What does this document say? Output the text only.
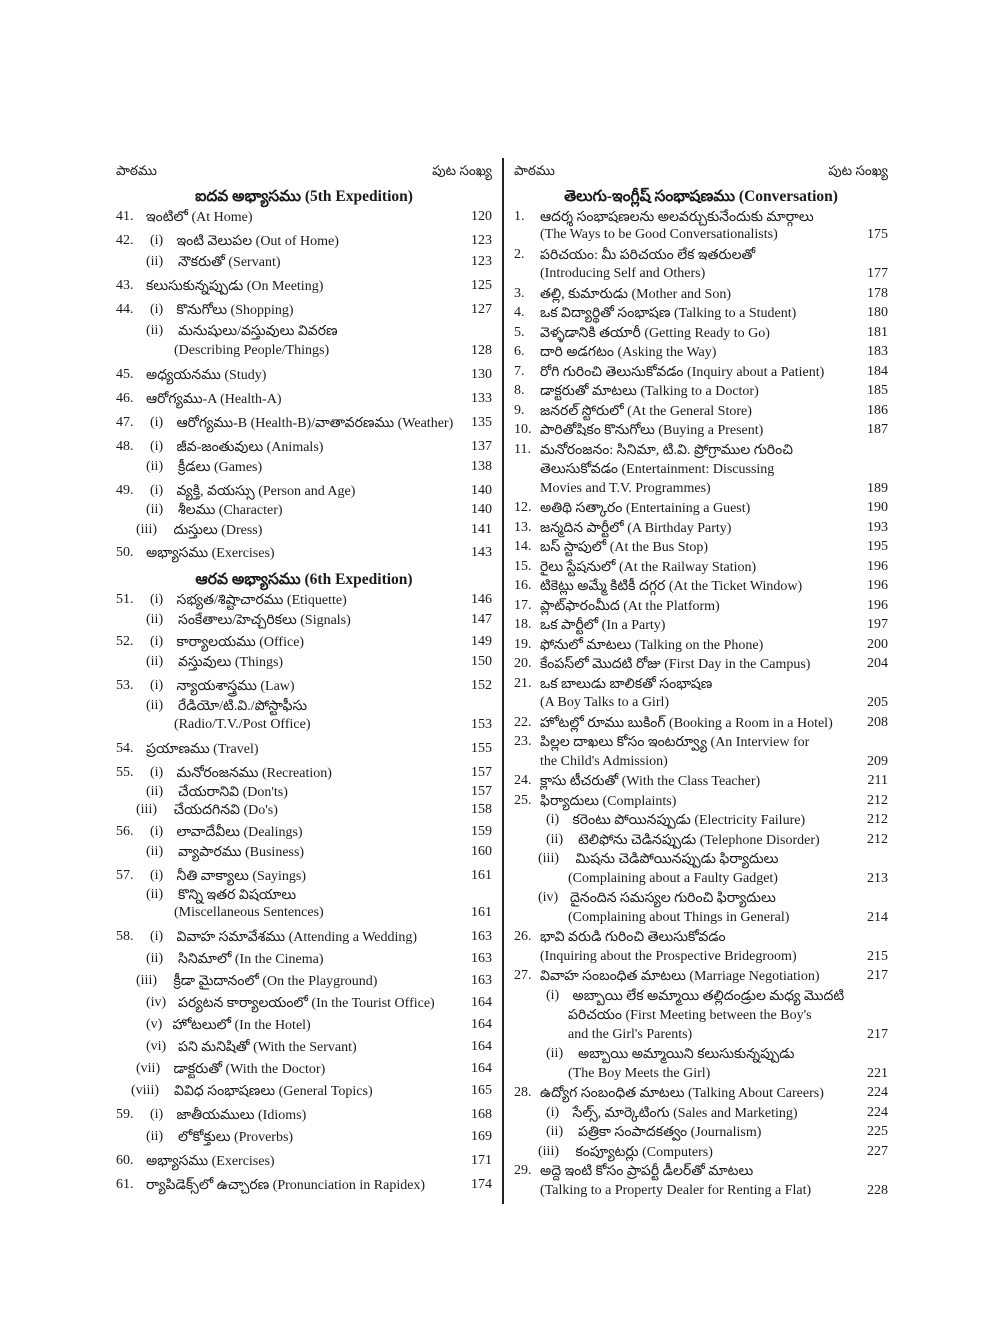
పాఠము	పుట సంఖ్య
ఐదవ అభ్యాసము (5th Expedition)
41. ఇంటిలో (At Home)	120
42. (i) ఇంటి వెలుపల (Out of Home)	123
(ii) నౌకరుతో (Servant)	123
43. కలుసుకున్నప్పుడు (On Meeting)	125
44. (i) కొనుగోలు (Shopping)	127
(ii) మనుషులు/వస్తువులు వివరణ
(Describing People/Things)	128
45. అధ్యయనము (Study)	130
46. ఆరోగ్యము-A (Health-A)	133
47. (i) ఆరోగ్యము-B (Health-B)/వాతావరణము (Weather) 135
48. (i) జీవ-జంతువులు (Animals)	137
(ii) క్రీడలు (Games)	138
49. (i) వ్యక్తి, వయస్సు (Person and Age)	140
(ii) శీలము (Character)	140
(iii) దుస్తులు (Dress)	141
50. అభ్యాసము (Exercises)	143
ఆరవ అభ్యాసము (6th Expedition)
51. (i) సభ్యత/శిష్టాచారము (Etiquette)	146
(ii) సంకేతాలు/హెచ్చరికలు (Signals)	147
52. (i) కార్యాలయము (Office)	149
(ii) వస్తువులు (Things)	150
53. (i) న్యాయశాస్త్రము (Law)	152
(ii) రేడియో/టి.వి./పోస్టాఫీసు
(Radio/T.V./Post Office)	153
54. ప్రయాణము (Travel)	155
55. (i) మనోరంజనము (Recreation)	157
(ii) చేయరానివి (Don'ts)	157
(iii) చేయదగినవి (Do's)	158
56. (i) లావాదేవీలు (Dealings)	159
(ii) వ్యాపారము (Business)	160
57. (i) నీతి వాక్యాలు (Sayings)	161
(ii) కొన్ని ఇతర విషయాలు
(Miscellaneous Sentences)	161
58. (i) వివాహ సమావేశము (Attending a Wedding)	163
(ii) సినిమాలో (In the Cinema)	163
(iii) క్రీడా మైదానంలో (On the Playground)	163
(iv) పర్యటన కార్యాలయంలో (In the Tourist Office)	164
(v) హోటలులో (In the Hotel)	164
(vi) పని మనిషితో (With the Servant)	164
(vii) డాక్టరుతో (With the Doctor)	164
(viii) వివిధ సంభాషణలు (General Topics)	165
59. (i) జాతీయములు (Idioms)	168
(ii) లోకోక్తులు (Proverbs)	169
60. అభ్యాసము (Exercises)	171
61. ర్యాపిడెక్స్‌లో ఉచ్చారణ (Pronunciation in Rapidex)	174
పాఠము	పుట సంఖ్య
తెలుగు-ఇంగ్లీష్ సంభాషణము (Conversation)
1. ఆదర్శ సంభాషణలను అలవర్చుకునేందుకు మార్గాలు
(The Ways to be Good Conversationalists)	175
2. పరిచయం: మీ పరిచయం లేక ఇతరులతో
(Introducing Self and Others)	177
3. తల్లి, కుమారుడు (Mother and Son)	178
4. ఒక విద్యార్థితో సంభాషణ (Talking to a Student)	180
5. వెళ్ళడానికి తయారీ (Getting Ready to Go)	181
6. దారి అడగటం (Asking the Way)	183
7. రోగి గురించి తెలుసుకోవడం (Inquiry about a Patient)	184
8. డాక్టరుతో మాటలు (Talking to a Doctor)	185
9. జనరల్ స్టోరులో (At the General Store)	186
10. పారితోషికం కొనుగోలు (Buying a Present)	187
11. మనోరంజనం: సినిమా, టి.వి. ప్రోగ్రాముల గురించి
తెలుసుకోవడం (Entertainment: Discussing
Movies and T.V. Programmes)	189
12. అతిథి సత్కారం (Entertaining a Guest)	190
13. జన్మదిన పార్టీలో (A Birthday Party)	193
14. బస్ స్టాపులో (At the Bus Stop)	195
15. రైలు స్టేషనులో (At the Railway Station)	196
16. టికెట్లు అమ్మే కిటికీ దగ్గర (At the Ticket Window)	196
17. ప్లాట్‌ఫారంమీద (At the Platform)	196
18. ఒక పార్టీలో (In a Party)	197
19. ఫోనులో మాటలు (Talking on the Phone)	200
20. కేంపస్‌లో మొదటి రోజు (First Day in the Campus)	204
21. ఒక బాలుడు బాలికతో సంభాషణ
(A Boy Talks to a Girl)	205
22. హోటల్లో రూము బుకింగ్ (Booking a Room in a Hotel) 208
23. పిల్లల దాఖలు కోసం ఇంటర్వ్యూ (An Interview for
the Child's Admission)	209
24. క్లాసు టీచరుతో (With the Class Teacher)	211
25. ఫిర్యాదులు (Complaints)	212
(i) కరెంటు పోయినప్పుడు (Electricity Failure)	212
(ii) టెలిఫోను చెడినప్పుడు (Telephone Disorder)	212
(iii) మిషను చెడిపోయినప్పుడు ఫిర్యాదులు
(Complaining about a Faulty Gadget)	213
(iv) దైనందిన సమస్యల గురించి ఫిర్యాదులు
(Complaining about Things in General)	214
26. భావి వరుడి గురించి తెలుసుకోవడం
(Inquiring about the Prospective Bridegroom)	215
27. వివాహ సంబంధిత మాటలు (Marriage Negotiation)	217
(i) అబ్బాయి లేక అమ్మాయి తల్లిదండ్రుల మధ్య మొదటి
పరిచయం (First Meeting between the Boy's
and the Girl's Parents)	217
(ii) అబ్బాయి అమ్మాయిని కలుసుకున్నప్పుడు
(The Boy Meets the Girl)	221
28. ఉద్యోగ సంబంధిత మాటలు (Talking About Careers)	224
(i) సేల్స్, మార్కెటింగు (Sales and Marketing)	224
(ii) పత్రికా సంపాదకత్వం (Journalism)	225
(iii) కంప్యూటర్లు (Computers)	227
29. అద్దె ఇంటి కోసం ప్రాపర్టీ డీలర్‌తో మాటలు
(Talking to a Property Dealer for Renting a Flat)	228
